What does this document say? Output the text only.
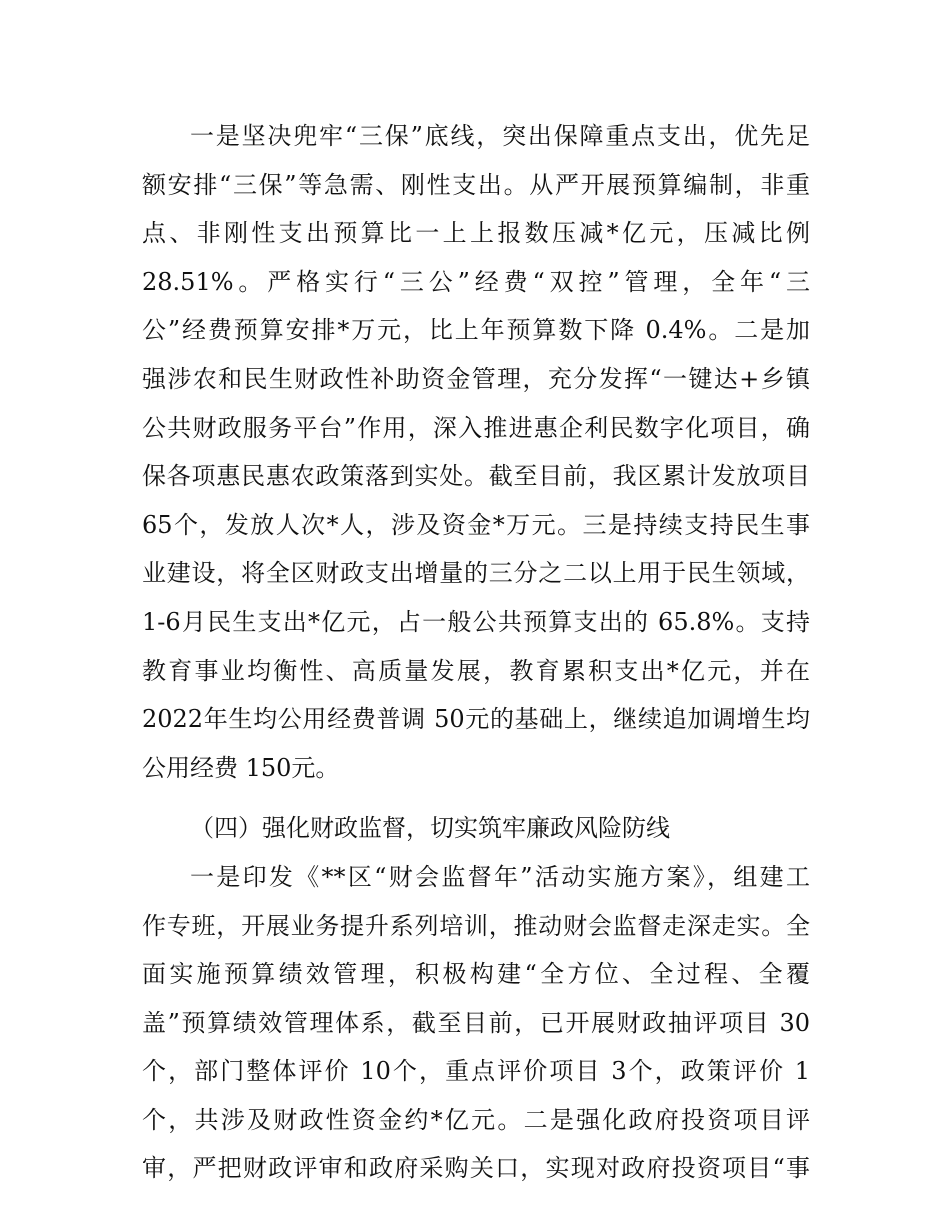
一是坚决兜牢“三保”底线，突出保障重点支出，优先足
额安排“三保”等急需、刚性支出。从严开展预算编制，非重
点、非刚性支出预算比一上上报数压减*亿元，压减比例
28.51%。严格实行“三公”经费“双控”管理，全年“三
公”经费预算安排*万元，比上年预算数下降 0.4%。二是加
强涉农和民生财政性补助资金管理，充分发挥“一键达+乡镇
公共财政服务平台”作用，深入推进惠企利民数字化项目，确
保各项惠民惠农政策落到实处。截至目前，我区累计发放项目
65个，发放人次*人，涉及资金*万元。三是持续支持民生事
业建设，将全区财政支出增量的三分之二以上用于民生领域，
1-6月民生支出*亿元，占一般公共预算支出的 65.8%。支持
教育事业均衡性、高质量发展，教育累积支出*亿元，并在
2022年生均公用经费普调 50元的基础上，继续追加调增生均
公用经费 150元。
（四）强化财政监督，切实筑牢廉政风险防线
一是印发《**区“财会监督年”活动实施方案》，组建工
作专班，开展业务提升系列培训，推动财会监督走深走实。全
面实施预算绩效管理，积极构建“全方位、全过程、全覆
盖”预算绩效管理体系，截至目前，已开展财政抽评项目 30
个，部门整体评价 10个，重点评价项目 3个，政策评价 1
个，共涉及财政性资金约*亿元。二是强化政府投资项目评
审，严把财政评审和政府采购关口，实现对政府投资项目“事
